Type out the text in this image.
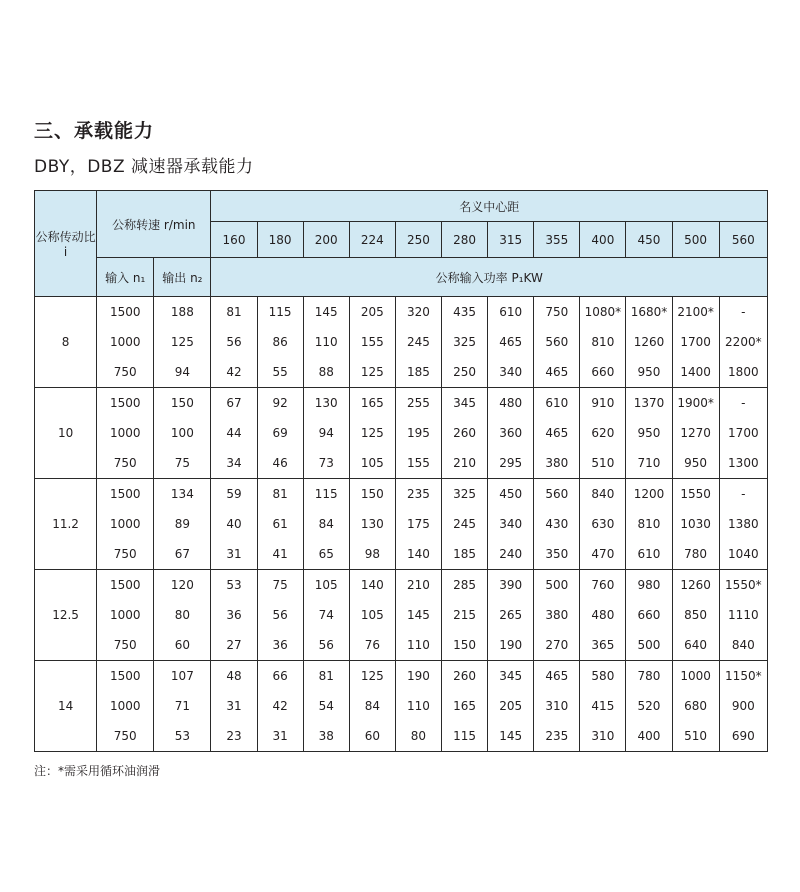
三、承载能力
DBY，DBZ 减速器承载能力
公称传动比 i	公称转速 r/min		名义中心距											
			160	180	200	224	250	280	315	355	400	450	500	560
	输入 n₁	输出 n₂	公称输入功率 P₁KW											
8	1500	188	81	115	145	205	320	435	610	750	1080*	1680*	2100*	-
	1000	125	56	86	110	155	245	325	465	560	810	1260	1700	2200*
	750	94	42	55	88	125	185	250	340	465	660	950	1400	1800
10	1500	150	67	92	130	165	255	345	480	610	910	1370	1900*	-
	1000	100	44	69	94	125	195	260	360	465	620	950	1270	1700
	750	75	34	46	73	105	155	210	295	380	510	710	950	1300
11.2	1500	134	59	81	115	150	235	325	450	560	840	1200	1550	-
	1000	89	40	61	84	130	175	245	340	430	630	810	1030	1380
	750	67	31	41	65	98	140	185	240	350	470	610	780	1040
12.5	1500	120	53	75	105	140	210	285	390	500	760	980	1260	1550*
	1000	80	36	56	74	105	145	215	265	380	480	660	850	1110
	750	60	27	36	56	76	110	150	190	270	365	500	640	840
14	1500	107	48	66	81	125	190	260	345	465	580	780	1000	1150*
	1000	71	31	42	54	84	110	165	205	310	415	520	680	900
	750	53	23	31	38	60	80	115	145	235	310	400	510	690
注：*需采用循环油润滑
